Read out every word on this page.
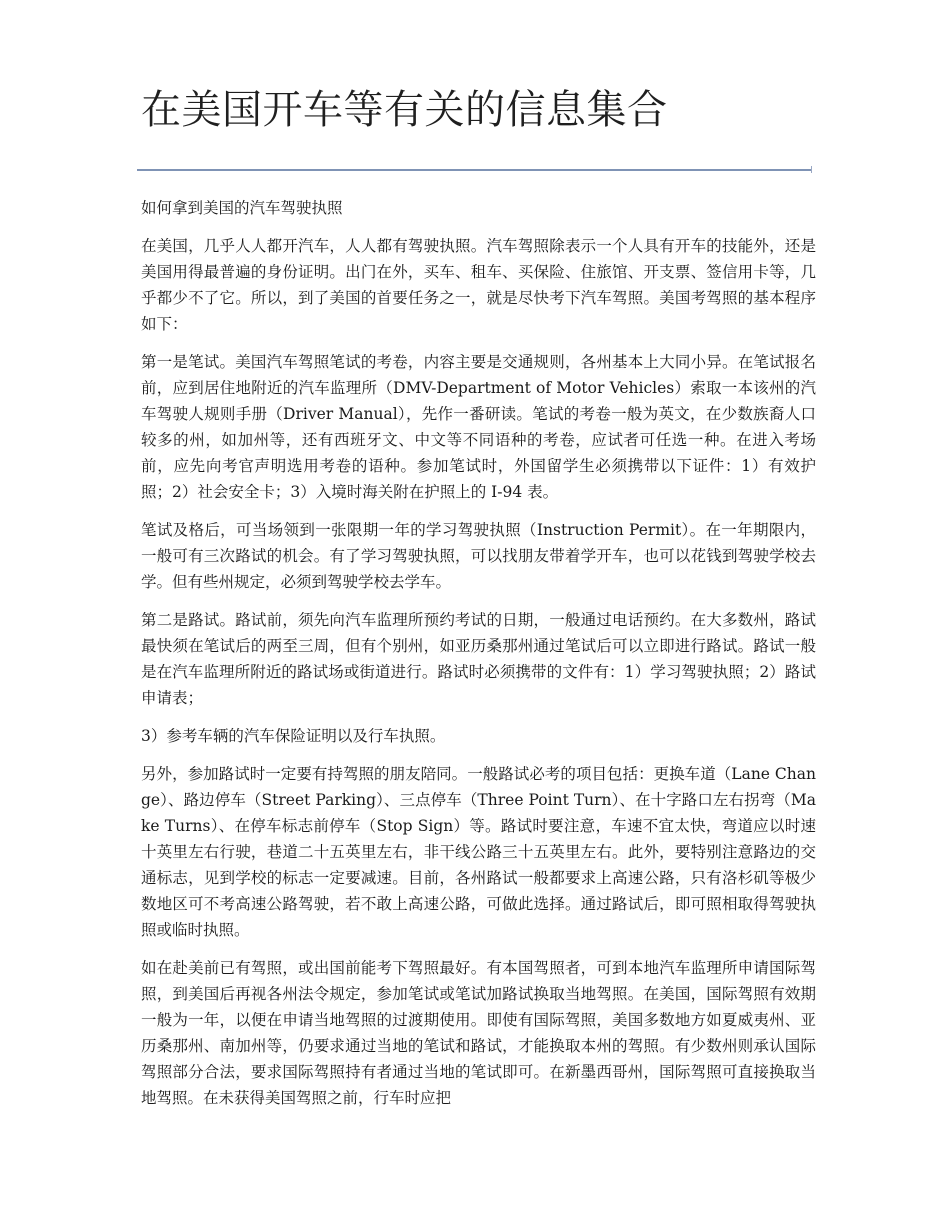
在美国开车等有关的信息集合

如何拿到美国的汽车驾驶执照

在美国，几乎人人都开汽车，人人都有驾驶执照。汽车驾照除表示一个人具有开车的技能外，还是美国用得最普遍的身份证明。出门在外，买车、租车、买保险、住旅馆、开支票、签信用卡等，几乎都少不了它。所以，到了美国的首要任务之一，就是尽快考下汽车驾照。美国考驾照的基本程序如下：

第一是笔试。美国汽车驾照笔试的考卷，内容主要是交通规则，各州基本上大同小异。在笔试报名前，应到居住地附近的汽车监理所（DMV-Department of Motor Vehicles）索取一本该州的汽车驾驶人规则手册（Driver Manual），先作一番研读。笔试的考卷一般为英文，在少数族裔人口较多的州，如加州等，还有西班牙文、中文等不同语种的考卷，应试者可任选一种。在进入考场前，应先向考官声明选用考卷的语种。参加笔试时，外国留学生必须携带以下证件：1）有效护照；2）社会安全卡；3）入境时海关附在护照上的 I-94 表。

笔试及格后，可当场领到一张限期一年的学习驾驶执照（Instruction Permit）。在一年期限内，一般可有三次路试的机会。有了学习驾驶执照，可以找朋友带着学开车，也可以花钱到驾驶学校去学。但有些州规定，必须到驾驶学校去学车。

第二是路试。路试前，须先向汽车监理所预约考试的日期，一般通过电话预约。在大多数州，路试最快须在笔试后的两至三周，但有个别州，如亚历桑那州通过笔试后可以立即进行路试。路试一般是在汽车监理所附近的路试场或街道进行。路试时必须携带的文件有：1）学习驾驶执照；2）路试申请表；

3）参考车辆的汽车保险证明以及行车执照。

另外，参加路试时一定要有持驾照的朋友陪同。一般路试必考的项目包括：更换车道（Lane Change）、路边停车（Street Parking）、三点停车（Three Point Turn）、在十字路口左右拐弯（Make Turns）、在停车标志前停车（Stop Sign）等。路试时要注意，车速不宜太快，弯道应以时速十英里左右行驶，巷道二十五英里左右，非干线公路三十五英里左右。此外，要特别注意路边的交通标志，见到学校的标志一定要减速。目前，各州路试一般都要求上高速公路，只有洛杉矶等极少数地区可不考高速公路驾驶，若不敢上高速公路，可做此选择。通过路试后，即可照相取得驾驶执照或临时执照。

如在赴美前已有驾照，或出国前能考下驾照最好。有本国驾照者，可到本地汽车监理所申请国际驾照，到美国后再视各州法令规定，参加笔试或笔试加路试换取当地驾照。在美国，国际驾照有效期一般为一年，以便在申请当地驾照的过渡期使用。即使有国际驾照，美国多数地方如夏威夷州、亚历桑那州、南加州等，仍要求通过当地的笔试和路试，才能换取本州的驾照。有少数州则承认国际驾照部分合法，要求国际驾照持有者通过当地的笔试即可。在新墨西哥州，国际驾照可直接换取当地驾照。在未获得美国驾照之前，行车时应把
